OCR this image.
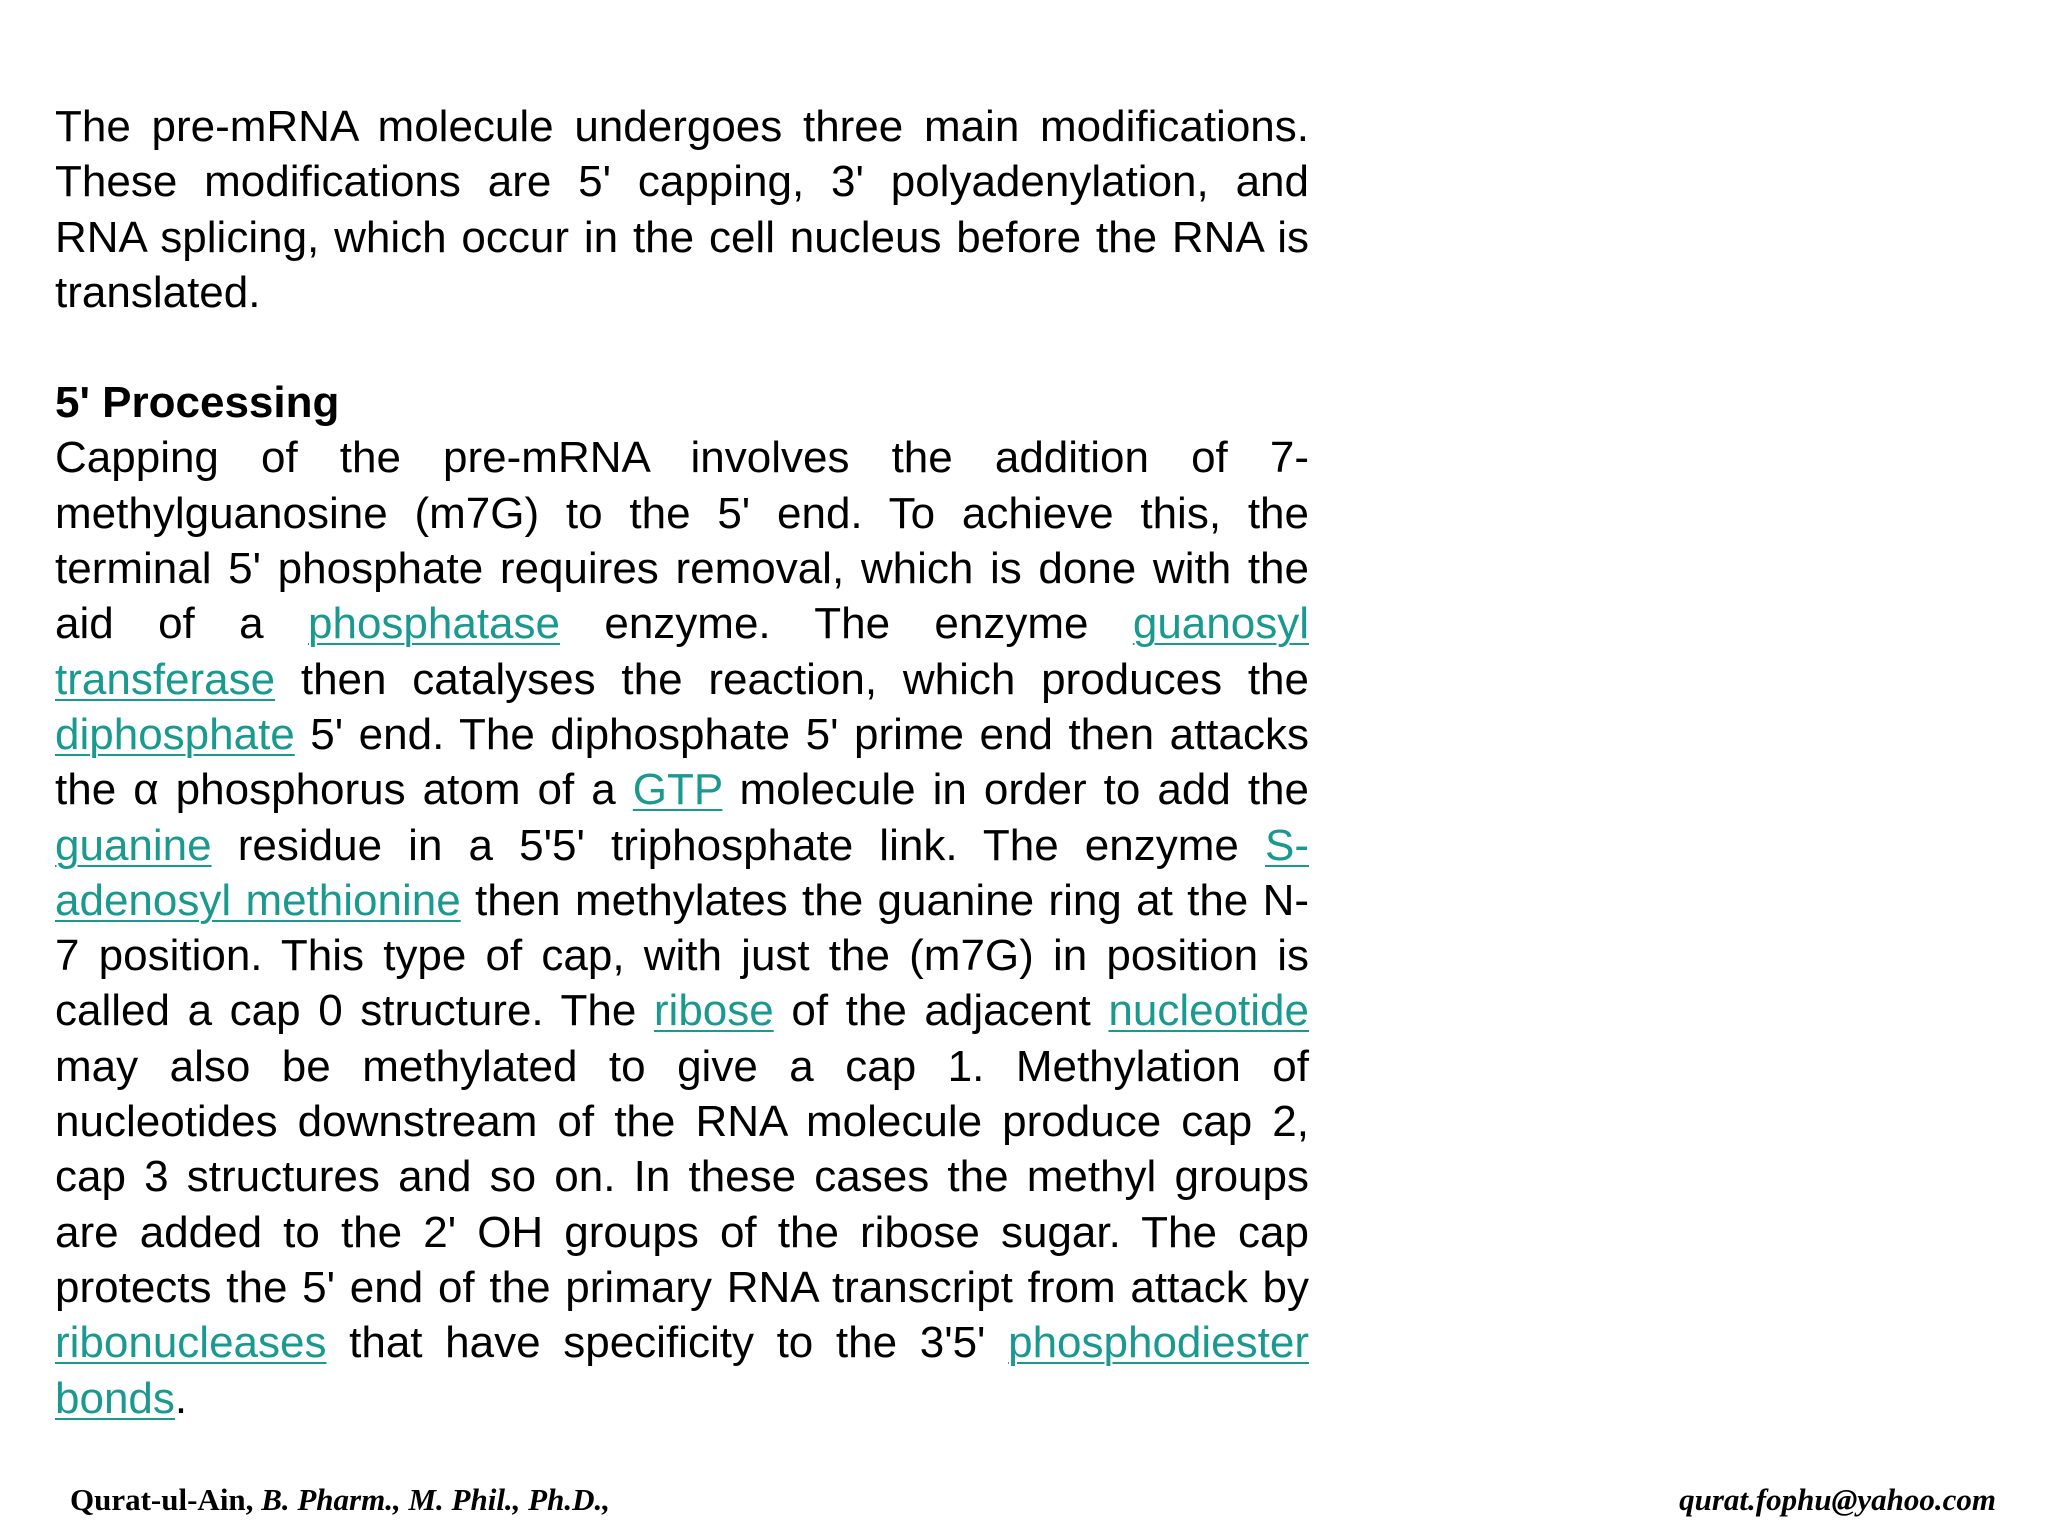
The pre-mRNA molecule undergoes three main modifications. These modifications are 5' capping, 3' polyadenylation, and RNA splicing, which occur in the cell nucleus before the RNA is translated.

5' Processing

Capping of the pre-mRNA involves the addition of 7-methylguanosine (m7G) to the 5' end. To achieve this, the terminal 5' phosphate requires removal, which is done with the aid of a phosphatase enzyme. The enzyme guanosyl transferase then catalyses the reaction, which produces the diphosphate 5' end. The diphosphate 5' prime end then attacks the α phosphorus atom of a GTP molecule in order to add the guanine residue in a 5'5' triphosphate link. The enzyme S-adenosyl methionine then methylates the guanine ring at the N-7 position. This type of cap, with just the (m7G) in position is called a cap 0 structure. The ribose of the adjacent nucleotide may also be methylated to give a cap 1. Methylation of nucleotides downstream of the RNA molecule produce cap 2, cap 3 structures and so on. In these cases the methyl groups are added to the 2' OH groups of the ribose sugar. The cap protects the 5' end of the primary RNA transcript from attack by ribonucleases that have specificity to the 3'5' phosphodiester bonds.

Qurat-ul-Ain, B. Pharm., M. Phil., Ph.D.,	qurat.fophu@yahoo.com
